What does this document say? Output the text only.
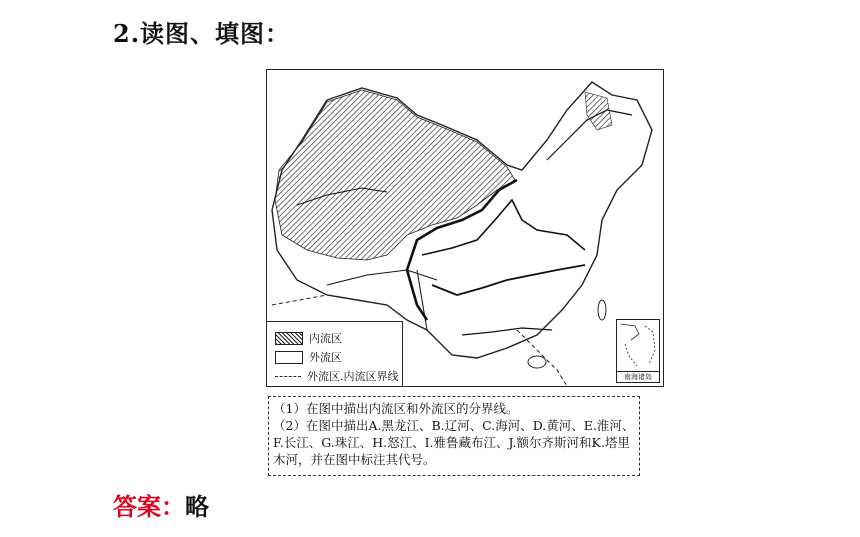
2.读图、填图：
内流区
外流区
外流区.内流区界线	南海诸岛

（1）在图中描出内流区和外流区的分界线。

（2）在图中描出A.黑龙江、B.辽河、C.海河、D.黄河、E.淮河、F.长江、G.珠江、H.怒江、I.雅鲁藏布江、J.额尔齐斯河和K.塔里木河，并在图中标注其代号。

答案：略
